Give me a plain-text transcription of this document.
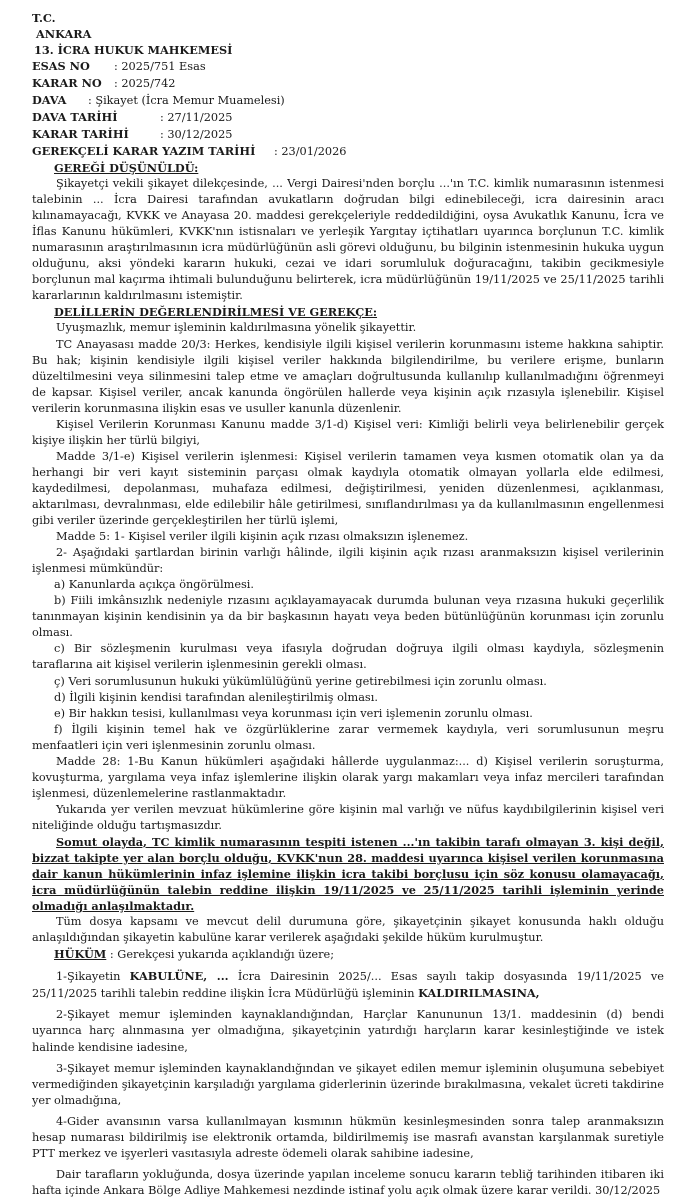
T.C.
ANKARA
13. İCRA HUKUK MAHKEMESİ
ESAS NO : 2025/751 Esas
KARAR NO : 2025/742
DAVA : Şikayet (İcra Memur Muamelesi)
DAVA TARİHİ	: 27/11/2025
KARAR TARİHİ	: 30/12/2025
GEREKÇELİ KARAR YAZIM TARİHİ : 23/01/2026
GEREĞİ DÜŞÜNÜLDÜ:

Şikayetçi vekili şikayet dilekçesinde, ... Vergi Dairesi'nden borçlu ...'ın T.C. kimlik numarasının istenmesi talebinin ... İcra Dairesi tarafından avukatların doğrudan bilgi edinebileceği, icra dairesinin aracı kılınamayacağı, KVKK ve Anayasa 20. maddesi gerekçeleriyle reddedildiğini, oysa Avukatlık Kanunu, İcra ve İflas Kanunu hükümleri, KVKK'nın istisnaları ve yerleşik Yargıtay içtihatları uyarınca borçlunun T.C. kimlik numarasının araştırılmasının icra müdürlüğünün asli görevi olduğunu, bu bilginin istenmesinin hukuka uygun olduğunu, aksi yöndeki kararın hukuki, cezai ve idari sorumluluk doğuracağını, takibin gecikmesiyle borçlunun mal kaçırma ihtimali bulunduğunu belirterek, icra müdürlüğünün 19/11/2025 ve 25/11/2025 tarihli kararlarının kaldırılmasını istemiştir.

DELİLLERİN DEĞERLENDİRİLMESİ VE GEREKÇE:

Uyuşmazlık, memur işleminin kaldırılmasına yönelik şikayettir.

TC Anayasası madde 20/3: Herkes, kendisiyle ilgili kişisel verilerin korunmasını isteme hakkına sahiptir. Bu hak; kişinin kendisiyle ilgili kişisel veriler hakkında bilgilendirilme, bu verilere erişme, bunların düzeltilmesini veya silinmesini talep etme ve amaçları doğrultusunda kullanılıp kullanılmadığını öğrenmeyi de kapsar. Kişisel veriler, ancak kanunda öngörülen hallerde veya kişinin açık rızasıyla işlenebilir. Kişisel verilerin korunmasına ilişkin esas ve usuller kanunla düzenlenir.

Kişisel Verilerin Korunması Kanunu madde 3/1-d) Kişisel veri: Kimliği belirli veya belirlenebilir gerçek kişiye ilişkin her türlü bilgiyi,

Madde 3/1-e) Kişisel verilerin işlenmesi: Kişisel verilerin tamamen veya kısmen otomatik olan ya da herhangi bir veri kayıt sisteminin parçası olmak kaydıyla otomatik olmayan yollarla elde edilmesi, kaydedilmesi, depolanması, muhafaza edilmesi, değiştirilmesi, yeniden düzenlenmesi, açıklanması, aktarılması, devralınması, elde edilebilir hâle getirilmesi, sınıflandırılması ya da kullanılmasının engellenmesi gibi veriler üzerinde gerçekleştirilen her türlü işlemi,

Madde 5: 1- Kişisel veriler ilgili kişinin açık rızası olmaksızın işlenemez.

2- Aşağıdaki şartlardan birinin varlığı hâlinde, ilgili kişinin açık rızası aranmaksızın kişisel verilerinin işlenmesi mümkündür:

a) Kanunlarda açıkça öngörülmesi.

b) Fiili imkânsızlık nedeniyle rızasını açıklayamayacak durumda bulunan veya rızasına hukuki geçerlilik tanınmayan kişinin kendisinin ya da bir başkasının hayatı veya beden bütünlüğünün korunması için zorunlu olması.

c) Bir sözleşmenin kurulması veya ifasıyla doğrudan doğruya ilgili olması kaydıyla, sözleşmenin taraflarına ait kişisel verilerin işlenmesinin gerekli olması.

ç) Veri sorumlusunun hukuki yükümlülüğünü yerine getirebilmesi için zorunlu olması.

d) İlgili kişinin kendisi tarafından alenileştirilmiş olması.

e) Bir hakkın tesisi, kullanılması veya korunması için veri işlemenin zorunlu olması.

f) İlgili kişinin temel hak ve özgürlüklerine zarar vermemek kaydıyla, veri sorumlusunun meşru menfaatleri için veri işlenmesinin zorunlu olması.

Madde 28: 1-Bu Kanun hükümleri aşağıdaki hâllerde uygulanmaz:... d) Kişisel verilerin soruşturma, kovuşturma, yargılama veya infaz işlemlerine ilişkin olarak yargı makamları veya infaz mercileri tarafından işlenmesi, düzenlemelerine rastlanmaktadır.

Yukarıda yer verilen mevzuat hükümlerine göre kişinin mal varlığı ve nüfus kaydıbilgilerinin kişisel veri niteliğinde olduğu tartışmasızdır.

Somut olayda, TC kimlik numarasının tespiti istenen ...'ın takibin tarafı olmayan 3. kişi değil, bizzat takipte yer alan borçlu olduğu, KVKK'nun 28. maddesi uyarınca kişisel verilen korunmasına dair kanun hükümlerinin infaz işlemine ilişkin icra takibi borçlusu için söz konusu olamayacağı, icra müdürlüğünün talebin reddine ilişkin 19/11/2025 ve 25/11/2025 tarihli işleminin yerinde olmadığı anlaşılmaktadır.

Tüm dosya kapsamı ve mevcut delil durumuna göre, şikayetçinin şikayet konusunda haklı olduğu anlaşıldığından şikayetin kabulüne karar verilerek aşağıdaki şekilde hüküm kurulmuştur.

HÜKÜM : Gerekçesi yukarıda açıklandığı üzere;

1-Şikayetin KABULÜNE, ... İcra Dairesinin 2025/... Esas sayılı takip dosyasında 19/11/2025 ve 25/11/2025 tarihli talebin reddine ilişkin İcra Müdürlüğü işleminin KALDIRILMASINA,

2-Şikayet memur işleminden kaynaklandığından, Harçlar Kanununun 13/1. maddesinin (d) bendi uyarınca harç alınmasına yer olmadığına, şikayetçinin yatırdığı harçların karar kesinleştiğinde ve istek halinde kendisine iadesine,

3-Şikayet memur işleminden kaynaklandığından ve şikayet edilen memur işleminin oluşumuna sebebiyet vermediğinden şikayetçinin karşıladığı yargılama giderlerinin üzerinde bırakılmasına, vekalet ücreti takdirine yer olmadığına,

4-Gider avansının varsa kullanılmayan kısmının hükmün kesinleşmesinden sonra talep aranmaksızın hesap numarası bildirilmiş ise elektronik ortamda, bildirilmemiş ise masrafı avanstan karşılanmak suretiyle PTT merkez ve işyerleri vasıtasıyla adreste ödemeli olarak sahibine iadesine,

Dair tarafların yokluğunda, dosya üzerinde yapılan inceleme sonucu kararın tebliğ tarihinden itibaren iki hafta içinde Ankara Bölge Adliye Mahkemesi nezdinde istinaf yolu açık olmak üzere karar verildi. 30/12/2025
